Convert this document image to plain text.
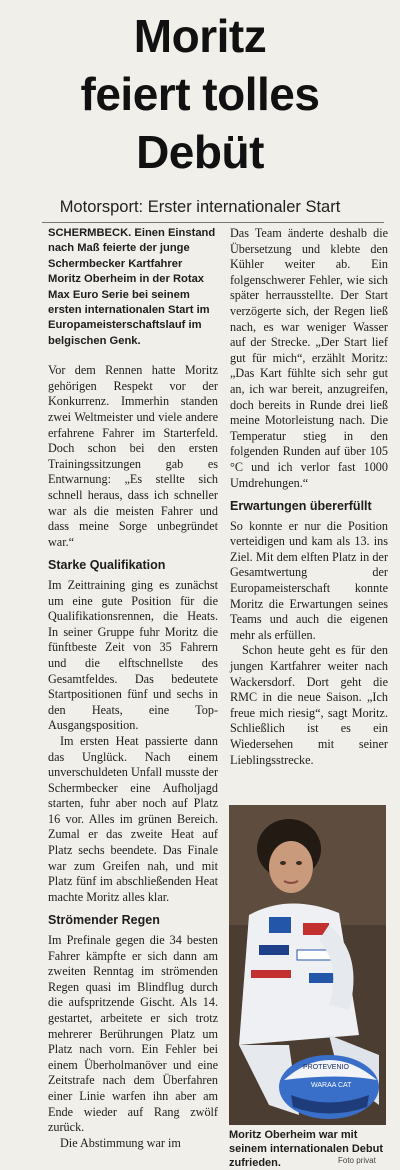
Moritz
feiert tolles
Debüt
Motorsport: Erster internationaler Start

SCHERMBECK. Einen Einstand nach Maß feierte der junge Schermbecker Kartfahrer Moritz Oberheim in der Rotax Max Euro Serie bei seinem ersten internationalen Start im Europameisterschaftslauf im belgischen Genk.

Vor dem Rennen hatte Moritz gehörigen Respekt vor der Konkurrenz. Immerhin standen zwei Weltmeister und viele andere erfahrene Fahrer im Starterfeld. Doch schon bei den ersten Trainingssitzungen gab es Entwarnung: „Es stellte sich schnell heraus, dass ich schneller war als die meisten Fahrer und dass meine Sorge unbegründet war.“

Starke Qualifikation

Im Zeittraining ging es zunächst um eine gute Position für die Qualifikationsrennen, die Heats. In seiner Gruppe fuhr Moritz die fünftbeste Zeit von 35 Fahrern und die elftschnellste des Gesamtfeldes. Das bedeutete Startpositionen fünf und sechs in den Heats, eine Top-Ausgangsposition.

Im ersten Heat passierte dann das Unglück. Nach einem unverschuldeten Unfall musste der Schermbecker eine Aufholjagd starten, fuhr aber noch auf Platz 16 vor. Alles im grünen Bereich. Zumal er das zweite Heat auf Platz sechs beendete. Das Finale war zum Greifen nah, und mit Platz fünf im abschließenden Heat machte Moritz alles klar.

Strömender Regen

Im Prefinale gegen die 34 besten Fahrer kämpfte er sich dann am zweiten Renntag im strömenden Regen quasi im Blindflug durch die aufspritzende Gischt. Als 14. gestartet, arbeitete er sich trotz mehrerer Berührungen Platz um Platz nach vorn. Ein Fehler bei einem Überholmanöver und eine Zeitstrafe nach dem Überfahren einer Linie warfen ihn aber am Ende wieder auf Rang zwölf zurück.

Die Abstimmung war im

Das Team änderte deshalb die Übersetzung und klebte den Kühler weiter ab. Ein folgenschwerer Fehler, wie sich später herrausstellte. Der Start verzögerte sich, der Regen ließ nach, es war weniger Wasser auf der Strecke. „Der Start lief gut für mich“, erzählt Moritz: „Das Kart fühlte sich sehr gut an, ich war bereit, anzugreifen, doch bereits in Runde drei ließ meine Motorleistung nach. Die Temperatur stieg in den folgenden Runden auf über 105 °C und ich verlor fast 1000 Umdrehungen.“

Erwartungen übererfüllt

So konnte er nur die Position verteidigen und kam als 13. ins Ziel. Mit dem elften Platz in der Gesamtwertung der Europameisterschaft konnte Moritz die Erwartungen seines Teams und auch die eigenen mehr als erfüllen.

Schon heute geht es für den jungen Kartfahrer weiter nach Wackersdorf. Dort geht die RMC in die neue Saison. „Ich freue mich riesig“, sagt Moritz. Schließlich ist es ein Wiedersehen mit seiner Lieblingsstrecke.

PROTEVENIO
WARAA CAT
Moritz Oberheim war mit seinem internationalen Debut zufrieden.	Foto privat
